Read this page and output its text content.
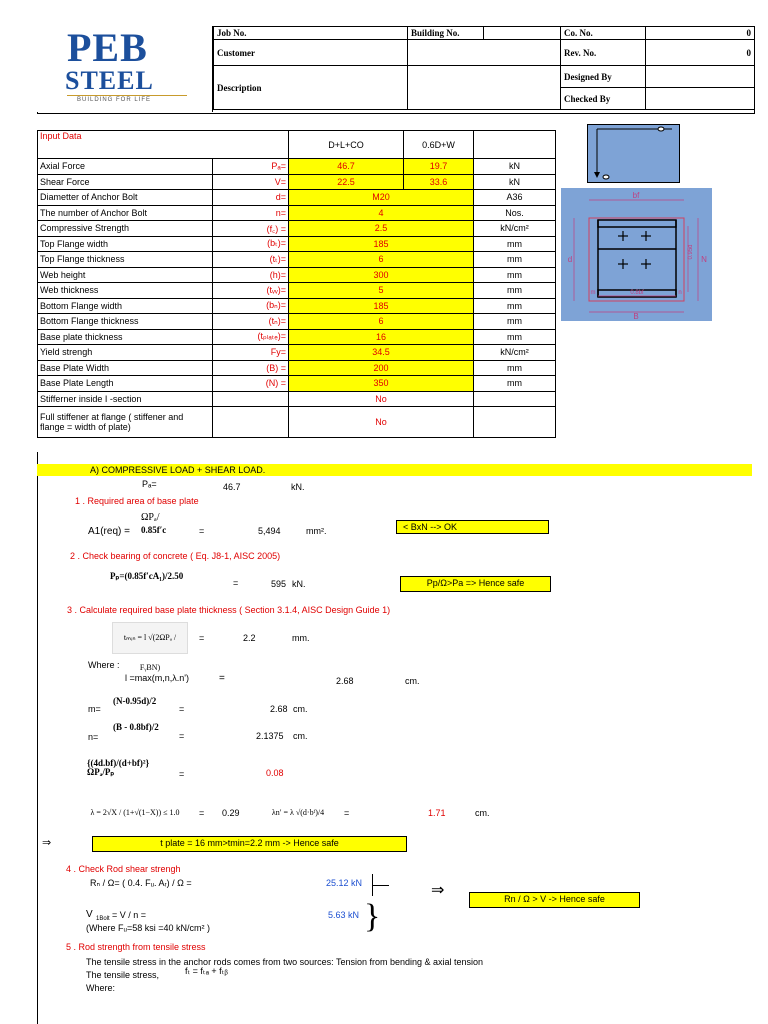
Job No.	Building No.		Co. No.	0
Customer			Rev. No.	0
Description			Designed By	
			Checked By	
PEB
STEEL
BUILDING FOR LIFE
Input Data		D+L+CO	0.6D+W	
Axial Force	Pₐ=	46.7	19.7	kN
Shear Force	V=	22.5	33.6	kN
Diametter of Anchor Bolt	d=	M20		A36
The number of Anchor Bolt	n=	4		Nos.
Compressive Strength	(f꜀) =	2.5		kN/cm²
Top Flange width	(bₜ)=	185		mm
Top Flange thickness	(tₜ)=	6		mm
Web height	(h)=	300		mm
Web thickness	(tᵥᵥ)=	5		mm
Bottom Flange width	(bₙ)=	185		mm
Bottom Flange thickness	(tₙ)=	6		mm
Base plate thickness	(tₚₗₐₜₑ)=	16		mm
Yield strengh	Fy=	34.5		kN/cm²
Base Plate Width	(B) =	200		mm
Base Plate Length	(N) =	350		mm
Stifferner inside I -section		No		
Full stiffener at flange ( stiffener and flange = width of plate)		No		
bf
B
d	N
0.95d
0.8bf
m	n
A) COMPRESSIVE LOAD + SHEAR LOAD.
Pₐ=	46.7	kN.
1 . Required area of base plate
ΩPₐ/
A1(req) = 0.85f′c	=	5,494	mm².	< BxN --> OK
2 . Check bearing of concrete ( Eq. J8-1, AISC 2005)
Pₚ=(0.85f′cA₁)/2.50
=	595 kN.	Pp/Ω>Pa => Hence safe
3 . Calculate required base plate thickness ( Section 3.1.4, AISC Design Guide 1)
tₘᵢₙ = l √(2ΩPₐ / FᵧBN)
=	2.2	mm.
Where :
l =max(m,n,λ.n')	=	2.68	cm.
m=
(N-0.95d)/2
=	2.68 cm.
n=
(B - 0.8bf)/2
=	2.1375 cm.
{(4d.bf)/(d+bf)²}
ΩPₐ/Pₚ	=	0.08
λ = 2√X / (1+√(1−X)) ≤ 1.0 = 0.29	λn′ = λ √(d·bᶠ)/4	=	1.71	cm.
⇒	t plate = 16 mm>tmin=2.2 mm -> Hence safe
4 . Check Rod shear strengh
Rₙ / Ω= ( 0.4. Fᵤ. Aᵣ) / Ω =	25.12 kN	⇒	Rn / Ω > V -> Hence safe
V 1Bolt = V / n =	5.63 kN }
(Where Fᵤ=58 ksi =40 kN/cm² )
5 . Rod strength from tensile stress
The tensile stress in the anchor rods comes from two sources: Tension from bending & axial tension
The tensile stress,	fₜ = fₜₐ + fₜᵦ
Where:
